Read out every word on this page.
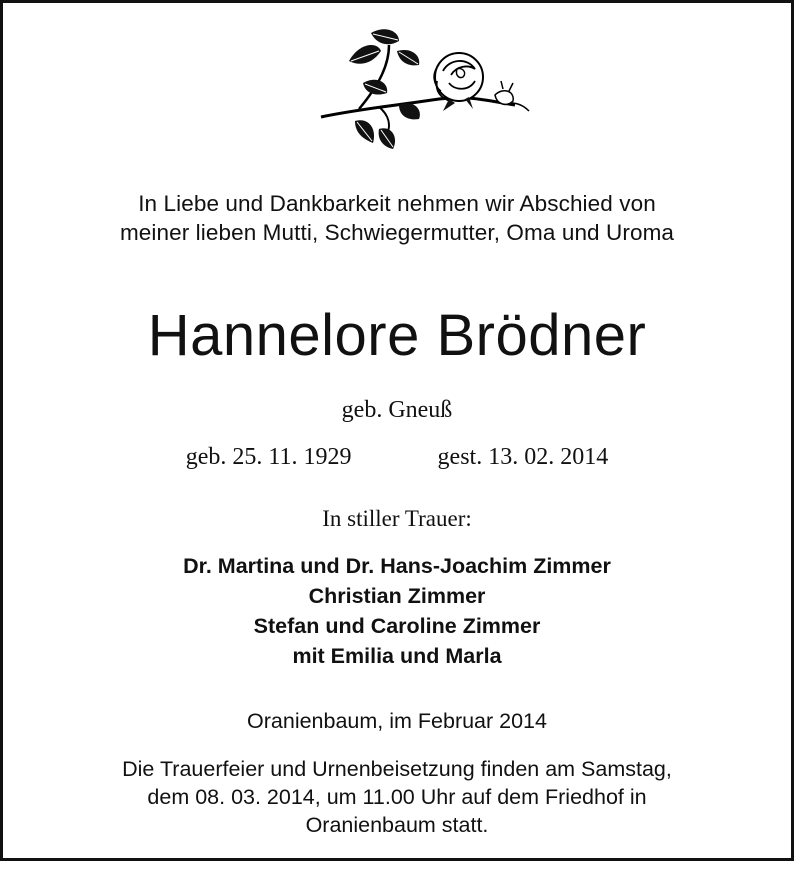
In Liebe und Dankbarkeit nehmen wir Abschied von
meiner lieben Mutti, Schwiegermutter, Oma und Uroma
Hannelore Brödner
geb. Gneuß
geb. 25. 11. 1929	gest. 13. 02. 2014
In stiller Trauer:
Dr. Martina und Dr. Hans-Joachim Zimmer
Christian Zimmer
Stefan und Caroline Zimmer
mit Emilia und Marla
Oranienbaum, im Februar 2014
Die Trauerfeier und Urnenbeisetzung finden am Samstag,
dem 08. 03. 2014, um 11.00 Uhr auf dem Friedhof in
Oranienbaum statt.
